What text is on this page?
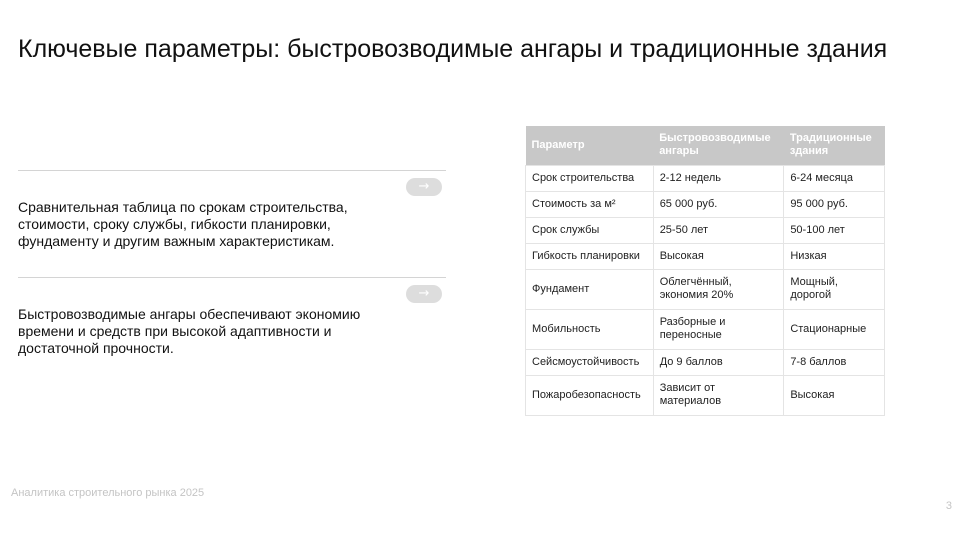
Ключевые параметры: быстровозводимые ангары и традиционные здания
→

Сравнительная таблица по срокам строительства, стоимости, сроку службы, гибкости планировки, фундаменту и другим важным характеристикам.

→

Быстровозводимые ангары обеспечивают экономию времени и средств при высокой адаптивности и достаточной прочности.

Параметр	Быстровозводимые ангары	Традиционные здания
Срок строительства	2-12 недель	6-24 месяца
Стоимость за м²	65 000 руб.	95 000 руб.
Срок службы	25-50 лет	50-100 лет
Гибкость планировки	Высокая	Низкая
Фундамент	Облегчённый, экономия 20%	Мощный, дорогой
Мобильность	Разборные и переносные	Стационарные
Сейсмоустойчивость	До 9 баллов	7-8 баллов
Пожаробезопасность	Зависит от материалов	Высокая
Аналитика строительного рынка 2025
3
